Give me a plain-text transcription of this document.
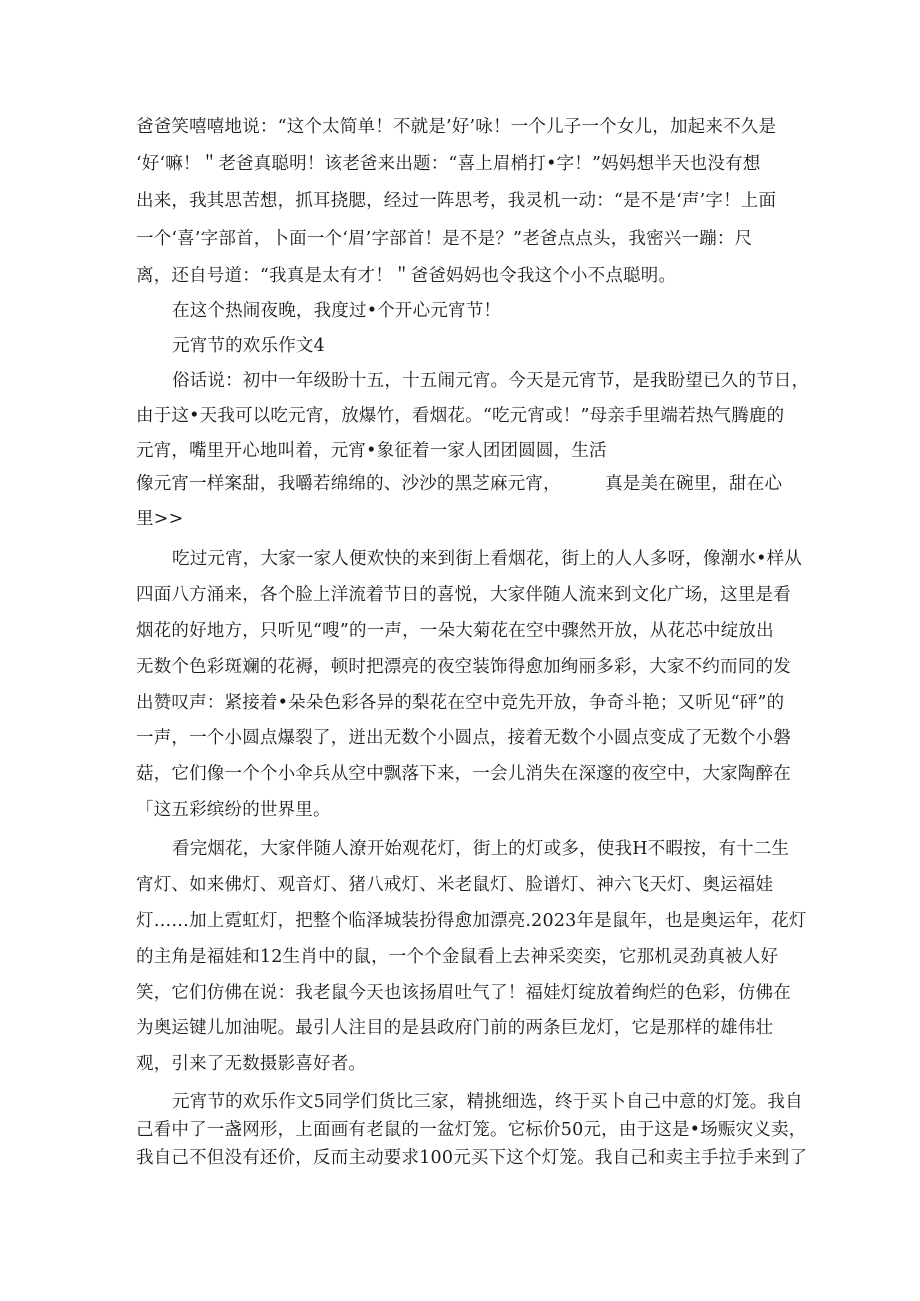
爸爸笑嘻嘻地说：“这个太简单！不就是’好’咏！一个儿子一个女儿，加起来不久是
‘好‘嘛！＂老爸真聪明！该老爸来出题：“喜上眉梢打•字！”妈妈想半天也没有想
出来，我其思苦想，抓耳挠腮，经过一阵思考，我灵机一动：“是不是‘声’字！上面
一个‘喜’字部首，卜面一个‘眉’字部首！是不是？”老爸点点头，我密兴一蹦：尺
离，还自号道：“我真是太有才！＂爸爸妈妈也令我这个小不点聪明。
在这个热闹夜晚，我度过•个开心元宵节！
元宵节的欢乐作文4
俗话说：初中一年级盼十五，十五闹元宵。今天是元宵节，是我盼望已久的节日，
由于这•天我可以吃元宵，放爆竹，看烟花。“吃元宵或！”母亲手里端若热气腾鹿的
元宵，嘴里开心地叫着，元宵•象征着一家人团团圆圆，生活
像元宵一样案甜，我嚼若绵绵的、沙沙的黑芝麻元宵，　　　真是美在碗里，甜在心
里>>
吃过元宵，大家一家人便欢快的来到街上看烟花，街上的人人多呀，像潮水•样从
四面八方涌来，各个脸上洋流着节日的喜悦，大家伴随人流来到文化广场，这里是看
烟花的好地方，只听见“嗖”的一声，一朵大菊花在空中骤然开放，从花芯中绽放出
无数个色彩斑斓的花褥，顿时把漂亮的夜空装饰得愈加绚丽多彩，大家不约而同的发
出赞叹声：紧接着•朵朵色彩各异的梨花在空中竞先开放，争奇斗艳；又听见“砰”的
一声，一个小圆点爆裂了，迸出无数个小圆点，接着无数个小圆点变成了无数个小磐
菇，它们像一个个小伞兵从空中飘落下来，一会儿消失在深邃的夜空中，大家陶醉在
「这五彩缤纷的世界里。
看完烟花，大家伴随人潦开始观花灯，街上的灯或多，使我H不暇按，有十二生
宵灯、如来佛灯、观音灯、猪八戒灯、米老鼠灯、脸谱灯、神六飞天灯、奥运福娃
灯……加上霓虹灯，把整个临泽城装扮得愈加漂亮.2023年是鼠年，也是奥运年，花灯
的主角是福娃和12生肖中的鼠，一个个金鼠看上去神采奕奕，它那机灵劲真被人好
笑，它们仿佛在说：我老鼠今天也该扬眉吐气了！福娃灯绽放着绚烂的色彩，仿佛在
为奥运键儿加油呢。最引人注目的是县政府门前的两条巨龙灯，它是那样的雄伟壮
观，引来了无数摄影喜好者。
元宵节的欢乐作文5同学们货比三家，精挑细选，终于买卜自己中意的灯笼。我自
己看中了一盏网形，上面画有老鼠的一盆灯笼。它标价50元，由于这是•场赈灾义卖，
我自己不但没有还价，反而主动要求100元买下这个灯笼。我自己和卖主手拉手来到了
